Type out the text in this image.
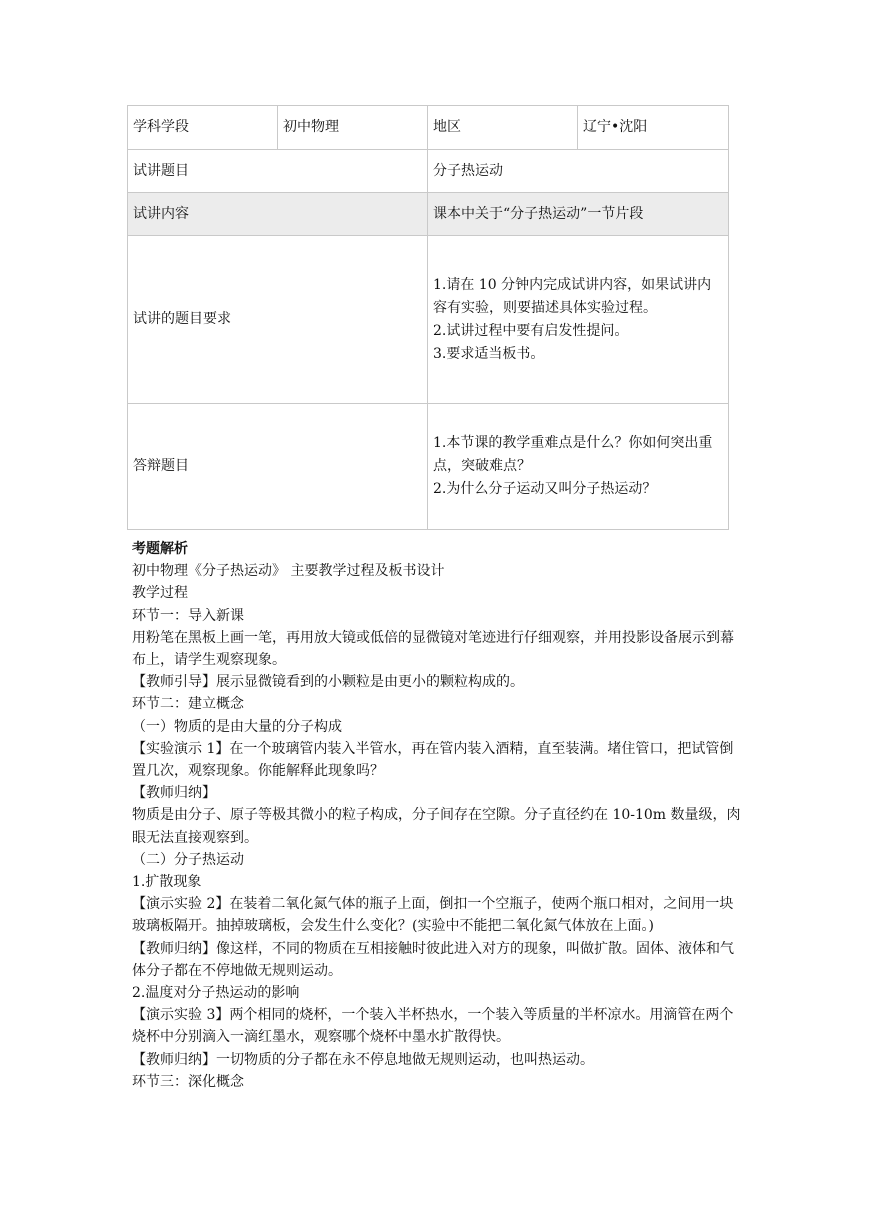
学科学段	初中物理	地区	辽宁•沈阳
试讲题目		分子热运动	
试讲内容		课本中关于“分子热运动”一节片段	
试讲的题目要求		1.请在 10 分钟内完成试讲内容，如果试讲内容有实验，则要描述具体实验过程。
2.试讲过程中要有启发性提问。
3.要求适当板书。	
答辩题目		1.本节课的教学重难点是什么？你如何突出重点，突破难点？
2.为什么分子运动又叫分子热运动？	

考题解析

初中物理《分子热运动》 主要教学过程及板书设计

教学过程

环节一：导入新课

用粉笔在黑板上画一笔，再用放大镜或低倍的显微镜对笔迹进行仔细观察，并用投影设备展示到幕布上，请学生观察现象。

【教师引导】展示显微镜看到的小颗粒是由更小的颗粒构成的。

环节二：建立概念

（一）物质的是由大量的分子构成

【实验演示 1】在一个玻璃管内装入半管水，再在管内装入酒精，直至装满。堵住管口，把试管倒置几次，观察现象。你能解释此现象吗？

【教师归纳】

物质是由分子、原子等极其微小的粒子构成，分子间存在空隙。分子直径约在 10-10m 数量级，肉眼无法直接观察到。

（二）分子热运动

1.扩散现象

【演示实验 2】在装着二氧化氮气体的瓶子上面，倒扣一个空瓶子，使两个瓶口相对，之间用一块玻璃板隔开。抽掉玻璃板，会发生什么变化？(实验中不能把二氧化氮气体放在上面。)

【教师归纳】像这样，不同的物质在互相接触时彼此进入对方的现象，叫做扩散。固体、液体和气体分子都在不停地做无规则运动。

2.温度对分子热运动的影响

【演示实验 3】两个相同的烧杯，一个装入半杯热水，一个装入等质量的半杯凉水。用滴管在两个烧杯中分别滴入一滴红墨水，观察哪个烧杯中墨水扩散得快。

【教师归纳】一切物质的分子都在永不停息地做无规则运动，也叫热运动。

环节三：深化概念
